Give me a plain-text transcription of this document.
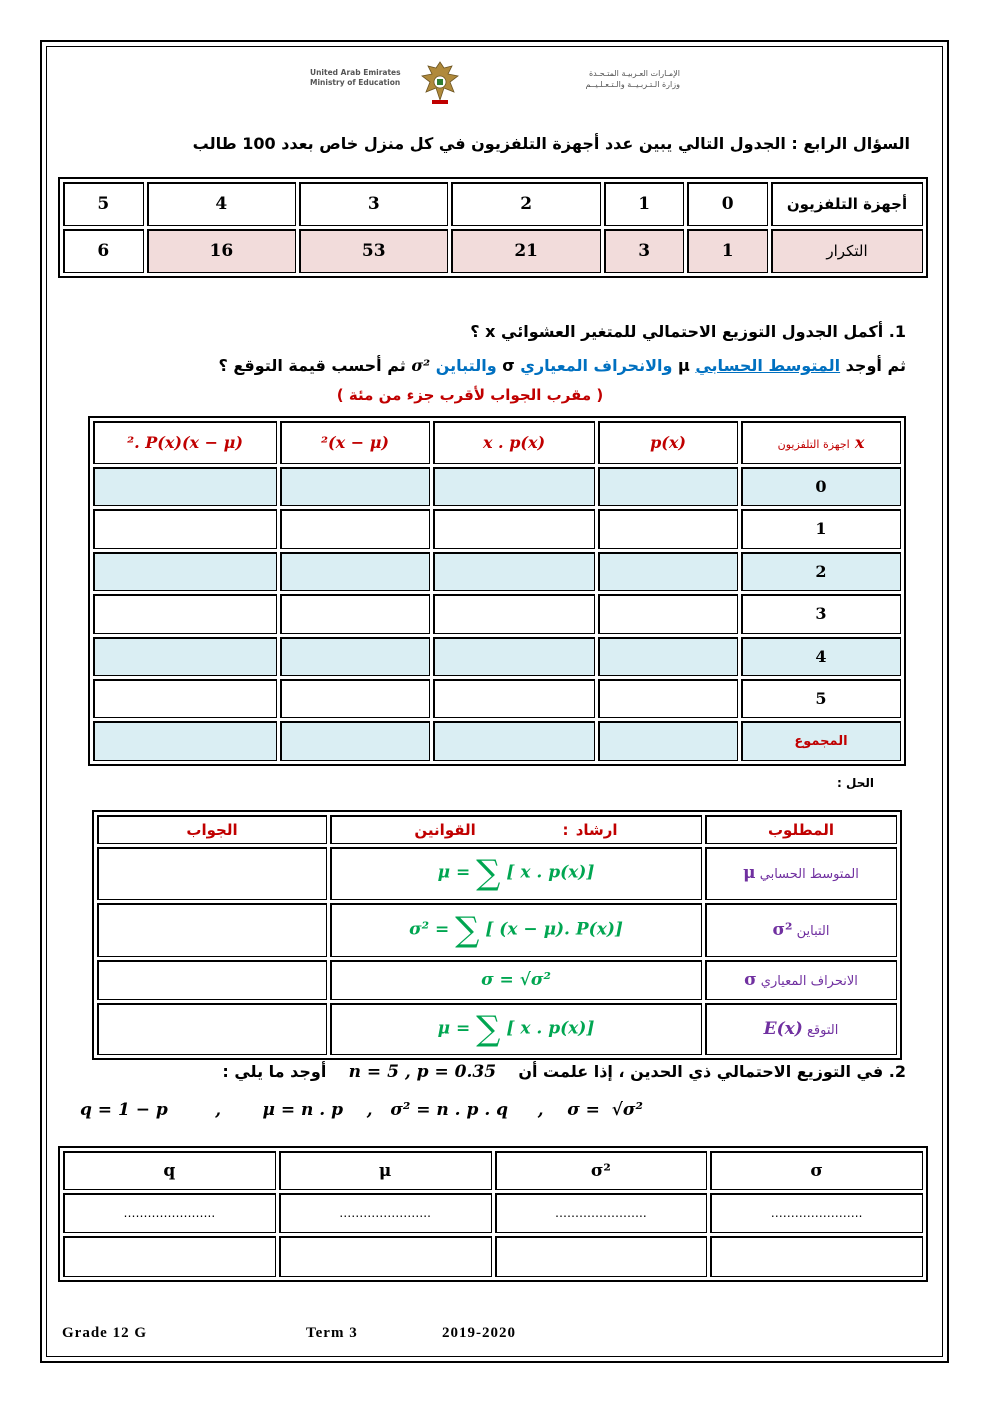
United Arab Emirates
Ministry of Education
الإمـارات العـربيـة المتـحـدة
وزارة الـتـربـيــة والـتـعـلـيــم
السؤال الرابع : الجدول التالي يبين عدد أجهزة التلفزيون في كل منزل خاص بعدد 100 طالب
أجهزة التلفزيون	0	1	2	3	4	5
التكرار	1	3	21	53	16	6
1. أكمل الجدول التوزيع الاحتمالي للمتغير العشوائي x ؟
ثم أوجد المتوسط الحسابي μ والانحراف المعياري σ والتباين σ² ثم أحسب قيمة التوقع ؟
( مقرب الجواب لأقرب جزء من مئة )
x اجهزة التلفزيون	p(x)	x . p(x)	(x − μ)²	(x − μ)². P(x)
0				
1				
2				
3				
4				
5				
المجموع				
الحل :
المطلوب	ارشاد :            القوانين	الجواب
المتوسط الحسابي μ	μ = ∑ [ x . p(x)]	
التباين σ²	σ² = ∑ [ (x − μ). P(x)]	
الانحراف المعياري σ	σ = √σ²	
التوقع E(x)	μ = ∑ [ x . p(x)]	
2. في التوزيع الاحتمالي ذي الحدين ، إذا علمت أن    n = 5 , p = 0.35    أوجد ما يلي :
q = 1 − p        ,       μ = n . p    ,   σ² = n . p . q     ,    σ =  √σ²
q	μ	σ²	σ
…………………..	…………………..	…………………..	…………………..

Grade 12 G	Term 3	2019-2020
